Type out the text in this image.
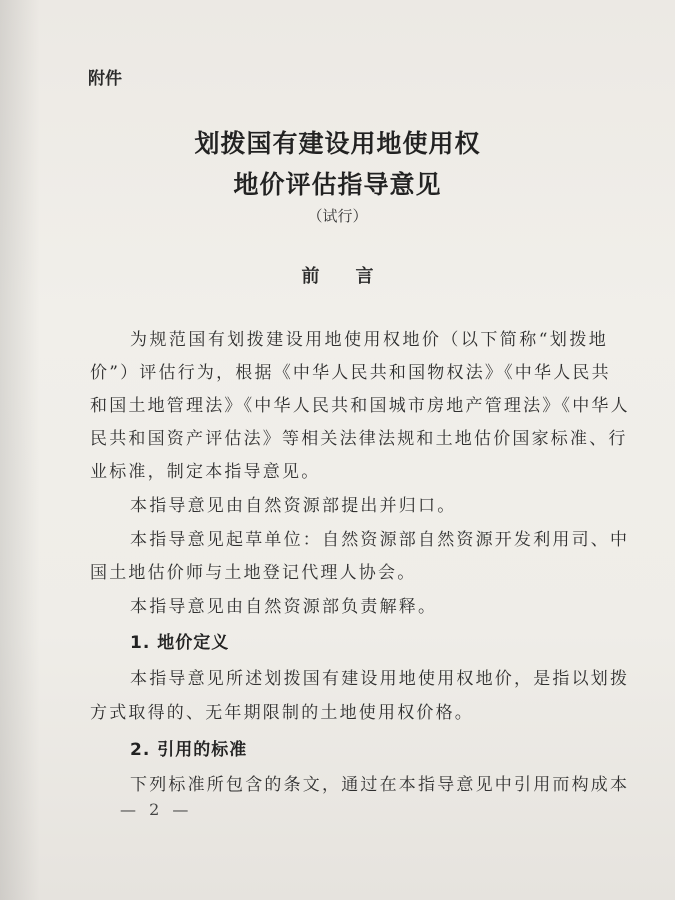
附件
划拨国有建设用地使用权
地价评估指导意见
（试行）
前言
为规范国有划拨建设用地使用权地价（以下简称“划拨地
价”）评估行为，根据《中华人民共和国物权法》《中华人民共
和国土地管理法》《中华人民共和国城市房地产管理法》《中华人
民共和国资产评估法》等相关法律法规和土地估价国家标准、行
业标准，制定本指导意见。
本指导意见由自然资源部提出并归口。
本指导意见起草单位：自然资源部自然资源开发利用司、中
国土地估价师与土地登记代理人协会。
本指导意见由自然资源部负责解释。
1. 地价定义
本指导意见所述划拨国有建设用地使用权地价，是指以划拨
方式取得的、无年期限制的土地使用权价格。
2. 引用的标准
下列标准所包含的条文，通过在本指导意见中引用而构成本
— 2 —
